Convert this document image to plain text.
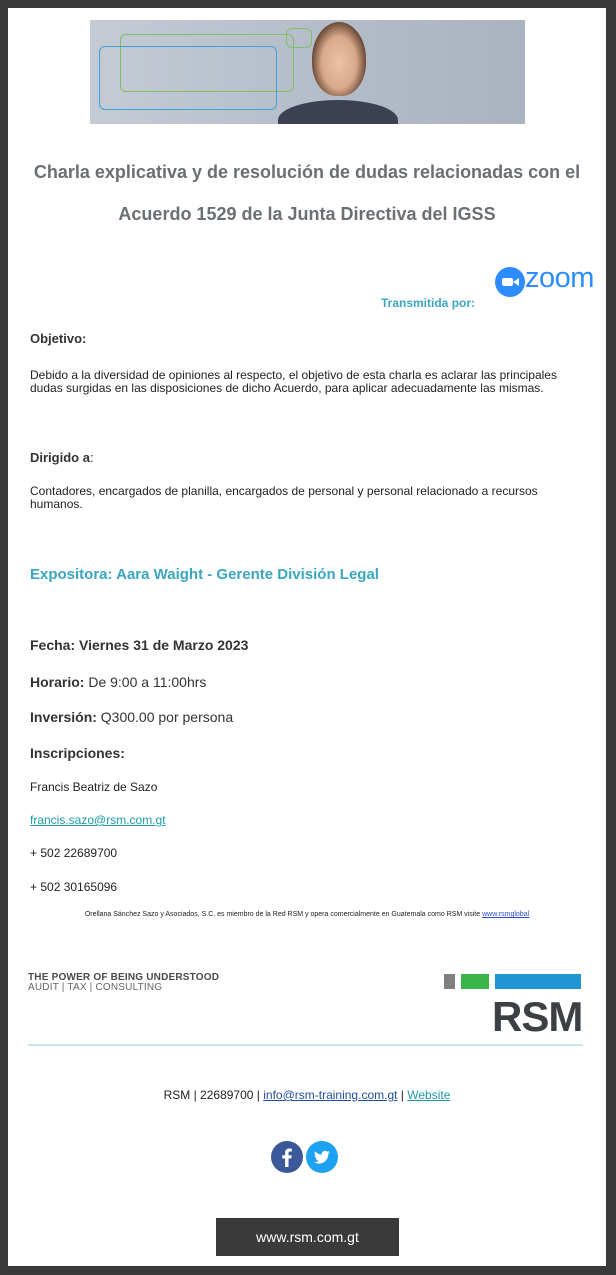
Charla explicativa y de resolución de dudas relacionadas con el
Acuerdo 1529 de la Junta Directiva del IGSS
zoom
Transmitida por:
Objetivo:
Debido a la diversidad de opiniones al respecto, el objetivo de esta charla es aclarar las principales dudas surgidas en las disposiciones de dicho Acuerdo, para aplicar adecuadamente las mismas.
Dirigido a:
Contadores, encargados de planilla, encargados de personal y personal relacionado a recursos humanos.
Expositora: Aara Waight - Gerente División Legal
Fecha: Viernes 31 de Marzo 2023
Horario: De 9:00 a 11:00hrs
Inversión: Q300.00 por persona
Inscripciones:
Francis Beatriz de Sazo
francis.sazo@rsm.com.gt
+ 502 22689700
+ 502 30165096
Orellana Sánchez Sazo y Asociados, S.C. es miembro de la Red RSM y opera comercialmente en Guatemala como RSM visite www.rsmglobal
THE POWER OF BEING UNDERSTOOD
AUDIT | TAX | CONSULTING
RSM
RSM | 22689700 | info@rsm-training.com.gt | Website
www.rsm.com.gt
